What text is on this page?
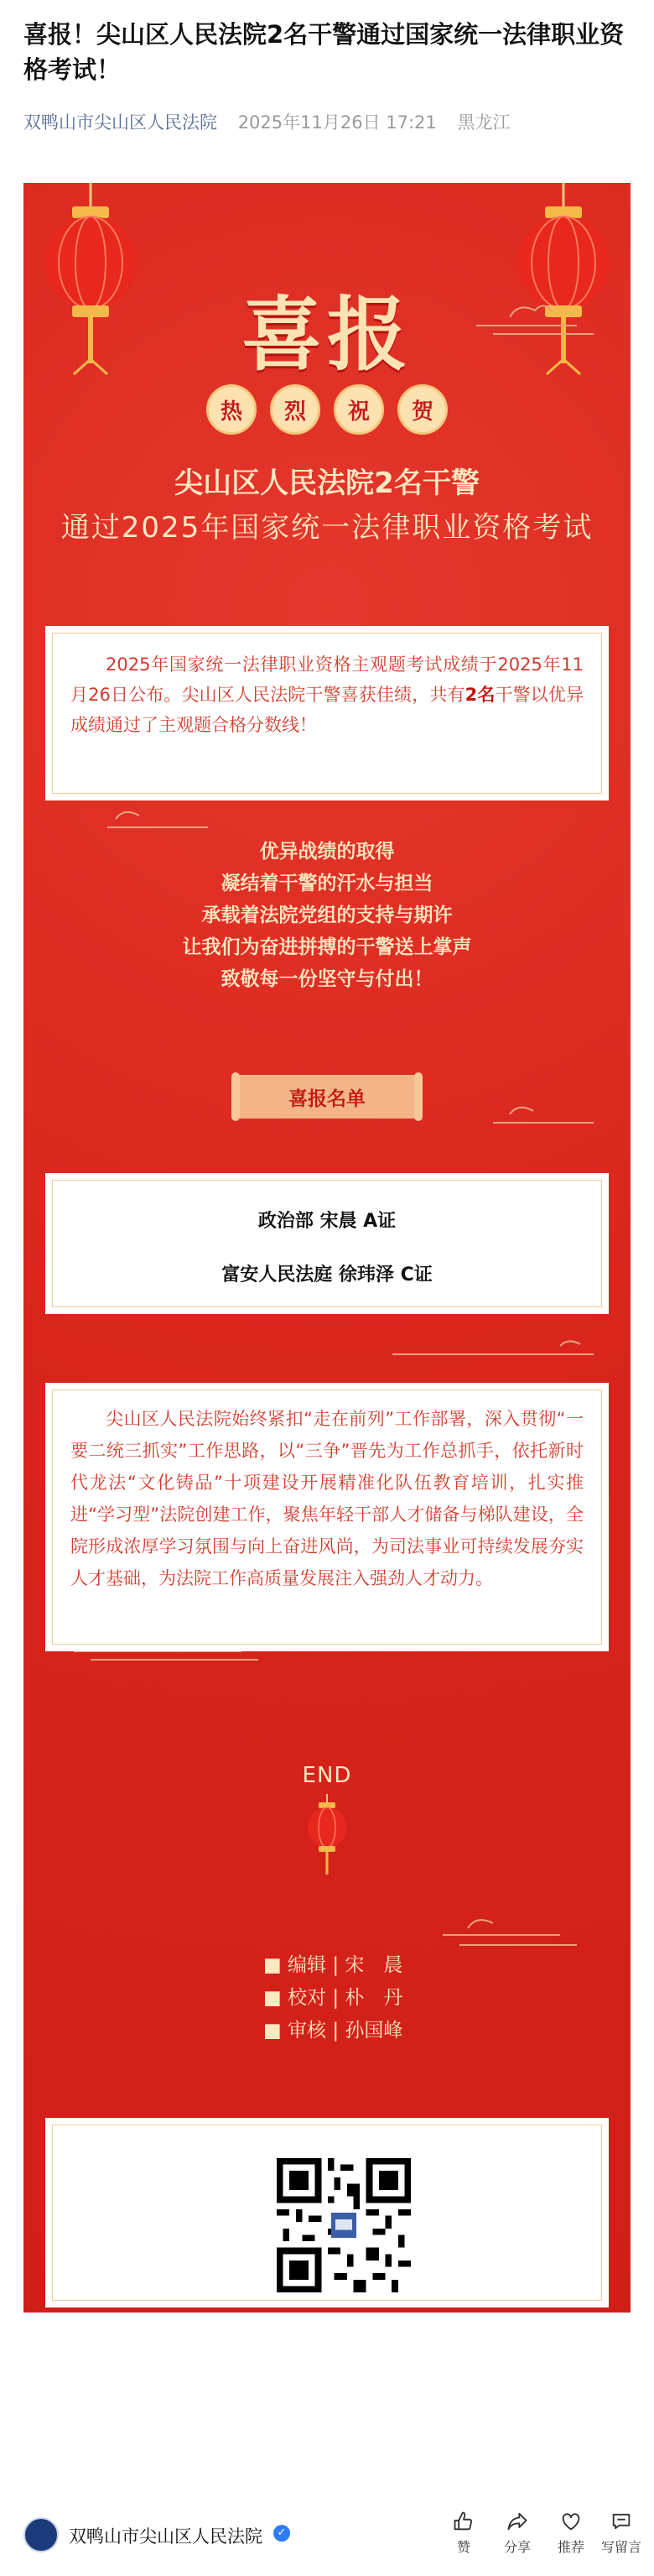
喜报！尖山区人民法院2名干警通过国家统一法律职业资格考试！
双鸭山市尖山区人民法院 2025年11月26日 17:21 黑龙江
喜报
热	烈	祝	贺
尖山区人民法院2名干警
通过2025年国家统一法律职业资格考试

2025年国家统一法律职业资格主观题考试成绩于2025年11月26日公布。尖山区人民法院干警喜获佳绩，共有2名干警以优异成绩通过了主观题合格分数线！

优异战绩的取得
凝结着干警的汗水与担当
承载着法院党组的支持与期许
让我们为奋进拼搏的干警送上掌声
致敬每一份坚守与付出！
喜报名单
政治部 宋晨 A证
富安人民法庭 徐玮泽 C证

尖山区人民法院始终紧扣“走在前列”工作部署，深入贯彻“一要二统三抓实”工作思路，以“三争”晋先为工作总抓手，依托新时代龙法“文化铸品”十项建设开展精准化队伍教育培训，扎实推进“学习型”法院创建工作，聚焦年轻干部人才储备与梯队建设，全院形成浓厚学习氛围与向上奋进风尚，为司法事业可持续发展夯实人才基础，为法院工作高质量发展注入强劲人才动力。

END
■ 编辑 | 宋　晨
■ 校对 | 朴　丹
■ 审核 | 孙国峰
双鸭山市尖山区人民法院	✓
赞	分享	推荐	写留言
